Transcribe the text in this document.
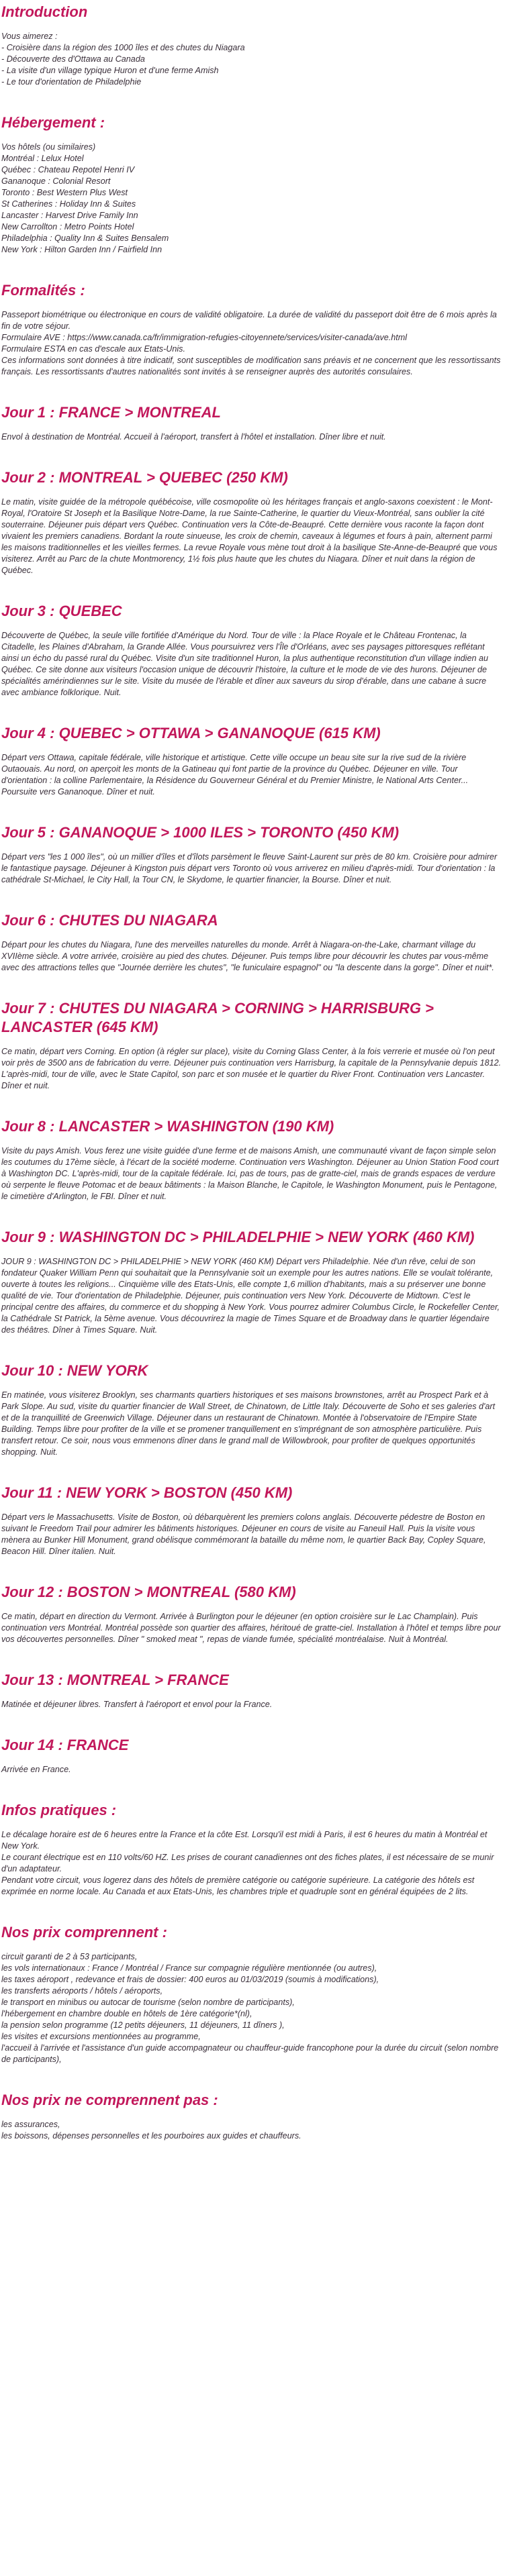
Introduction

Vous aimerez :

- Croisière dans la région des 1000 îles et des chutes du Niagara

- Découverte des d'Ottawa au Canada

- La visite d'un village typique Huron et d'une ferme Amish

- Le tour d'orientation de Philadelphie

Hébergement :

Vos hôtels (ou similaires)

Montréal : Lelux Hotel

Québec : Chateau Repotel Henri IV

Gananoque : Colonial Resort

Toronto : Best Western Plus West

St Catherines : Holiday Inn & Suites

Lancaster : Harvest Drive Family Inn

New Carrollton : Metro Points Hotel

Philadelphia : Quality Inn & Suites Bensalem

New York : Hilton Garden Inn / Fairfield Inn

Formalités :

Passeport biométrique ou électronique en cours de validité obligatoire. La durée de validité du passeport doit être de 6 mois après la fin de votre séjour.

Formulaire AVE : https://www.canada.ca/fr/immigration-refugies-citoyennete/services/visiter-canada/ave.html

Formulaire ESTA en cas d'escale aux Etats-Unis.

Ces informations sont données à titre indicatif, sont susceptibles de modification sans préavis et ne concernent que les ressortissants français. Les ressortissants d'autres nationalités sont invités à se renseigner auprès des autorités consulaires.

Jour 1 : FRANCE > MONTREAL

Envol à destination de Montréal. Accueil à l'aéroport, transfert à l'hôtel et installation. Dîner libre et nuit.

Jour 2 : MONTREAL > QUEBEC (250 KM)

Le matin, visite guidée de la métropole québécoise, ville cosmopolite où les héritages français et anglo-saxons coexistent : le Mont-Royal, l'Oratoire St Joseph et la Basilique Notre-Dame, la rue Sainte-Catherine, le quartier du Vieux-Montréal, sans oublier la cité souterraine. Déjeuner puis départ vers Québec. Continuation vers la Côte-de-Beaupré. Cette dernière vous raconte la façon dont vivaient les premiers canadiens. Bordant la route sinueuse, les croix de chemin, caveaux à légumes et fours à pain, alternent parmi les maisons traditionnelles et les vieilles fermes. La revue Royale vous mène tout droit à la basilique Ste-Anne-de-Beaupré que vous visiterez. Arrêt au Parc de la chute Montmorency, 1½ fois plus haute que les chutes du Niagara. Dîner et nuit dans la région de Québec.

Jour 3 : QUEBEC

Découverte de Québec, la seule ville fortifiée d'Amérique du Nord. Tour de ville : la Place Royale et le Château Frontenac, la Citadelle, les Plaines d'Abraham, la Grande Allée. Vous poursuivrez vers l'Île d'Orléans, avec ses paysages pittoresques reflétant ainsi un écho du passé rural du Québec. Visite d'un site traditionnel Huron, la plus authentique reconstitution d'un village indien au Québec. Ce site donne aux visiteurs l'occasion unique de découvrir l'histoire, la culture et le mode de vie des hurons. Déjeuner de spécialités amérindiennes sur le site. Visite du musée de l'érable et dîner aux saveurs du sirop d'érable, dans une cabane à sucre avec ambiance folklorique. Nuit.

Jour 4 : QUEBEC > OTTAWA > GANANOQUE (615 KM)

Départ vers Ottawa, capitale fédérale, ville historique et artistique. Cette ville occupe un beau site sur la rive sud de la rivière Outaouais. Au nord, on aperçoit les monts de la Gatineau qui font partie de la province du Québec. Déjeuner en ville. Tour d'orientation : la colline Parlementaire, la Résidence du Gouverneur Général et du Premier Ministre, le National Arts Center... Poursuite vers Gananoque. Dîner et nuit.

Jour 5 : GANANOQUE > 1000 ILES > TORONTO (450 KM)

Départ vers "les 1 000 îles", où un millier d'îles et d'îlots parsèment le fleuve Saint-Laurent sur près de 80 km. Croisière pour admirer le fantastique paysage. Déjeuner à Kingston puis départ vers Toronto où vous arriverez en milieu d'après-midi. Tour d'orientation : la cathédrale St-Michael, le City Hall, la Tour CN, le Skydome, le quartier financier, la Bourse. Dîner et nuit.

Jour 6 : CHUTES DU NIAGARA

Départ pour les chutes du Niagara, l'une des merveilles naturelles du monde. Arrêt à Niagara-on-the-Lake, charmant village du XVIIème siècle. A votre arrivée, croisière au pied des chutes. Déjeuner. Puis temps libre pour découvrir les chutes par vous-même avec des attractions telles que "Journée derrière les chutes", "le funiculaire espagnol" ou "la descente dans la gorge". Dîner et nuit*.

Jour 7 : CHUTES DU NIAGARA > CORNING > HARRISBURG > LANCASTER (645 KM)

Ce matin, départ vers Corning. En option (à régler sur place), visite du Corning Glass Center, à la fois verrerie et musée où l'on peut voir près de 3500 ans de fabrication du verre. Déjeuner puis continuation vers Harrisburg, la capitale de la Pennsylvanie depuis 1812. L'après-midi, tour de ville, avec le State Capitol, son parc et son musée et le quartier du River Front. Continuation vers Lancaster. Dîner et nuit.

Jour 8 : LANCASTER > WASHINGTON (190 KM)

Visite du pays Amish. Vous ferez une visite guidée d'une ferme et de maisons Amish, une communauté vivant de façon simple selon les coutumes du 17ème siècle, à l'écart de la société moderne. Continuation vers Washington. Déjeuner au Union Station Food court à Washington DC. L'après-midi, tour de la capitale fédérale. Ici, pas de tours, pas de gratte-ciel, mais de grands espaces de verdure où serpente le fleuve Potomac et de beaux bâtiments : la Maison Blanche, le Capitole, le Washington Monument, puis le Pentagone, le cimetière d'Arlington, le FBI. Dîner et nuit.

Jour 9 : WASHINGTON DC > PHILADELPHIE > NEW YORK (460 KM)

JOUR 9 : WASHINGTON DC > PHILADELPHIE > NEW YORK (460 KM) Départ vers Philadelphie. Née d'un rêve, celui de son fondateur Quaker William Penn qui souhaitait que la Pennsylvanie soit un exemple pour les autres nations. Elle se voulait tolérante, ouverte à toutes les religions... Cinquième ville des Etats-Unis, elle compte 1,6 million d'habitants, mais a su préserver une bonne qualité de vie. Tour d'orientation de Philadelphie. Déjeuner, puis continuation vers New York. Découverte de Midtown. C'est le principal centre des affaires, du commerce et du shopping à New York. Vous pourrez admirer Columbus Circle, le Rockefeller Center, la Cathédrale St Patrick, la 5ème avenue. Vous découvrirez la magie de Times Square et de Broadway dans le quartier légendaire des théâtres. Dîner à Times Square. Nuit.

Jour 10 : NEW YORK

En matinée, vous visiterez Brooklyn, ses charmants quartiers historiques et ses maisons brownstones, arrêt au Prospect Park et à Park Slope. Au sud, visite du quartier financier de Wall Street, de Chinatown, de Little Italy. Découverte de Soho et ses galeries d'art et de la tranquillité de Greenwich Village. Déjeuner dans un restaurant de Chinatown. Montée à l'observatoire de l'Empire State Building. Temps libre pour profiter de la ville et se promener tranquillement en s'imprégnant de son atmosphère particulière. Puis transfert retour. Ce soir, nous vous emmenons dîner dans le grand mall de Willowbrook, pour profiter de quelques opportunités shopping. Nuit.

Jour 11 : NEW YORK > BOSTON (450 KM)

Départ vers le Massachusetts. Visite de Boston, où débarquèrent les premiers colons anglais. Découverte pédestre de Boston en suivant le Freedom Trail pour admirer les bâtiments historiques. Déjeuner en cours de visite au Faneuil Hall. Puis la visite vous mènera au Bunker Hill Monument, grand obélisque commémorant la bataille du même nom, le quartier Back Bay, Copley Square, Beacon Hill. Dîner italien. Nuit.

Jour 12 : BOSTON > MONTREAL (580 KM)

Ce matin, départ en direction du Vermont. Arrivée à Burlington pour le déjeuner (en option croisière sur le Lac Champlain). Puis continuation vers Montréal. Montréal possède son quartier des affaires, héritoué de gratte-ciel. Installation à l'hôtel et temps libre pour vos découvertes personnelles. Dîner " smoked meat ", repas de viande fumée, spécialité montréalaise. Nuit à Montréal.

Jour 13 : MONTREAL > FRANCE

Matinée et déjeuner libres. Transfert à l'aéroport et envol pour la France.

Jour 14 : FRANCE

Arrivée en France.

Infos pratiques :

Le décalage horaire est de 6 heures entre la France et la côte Est. Lorsqu'il est midi à Paris, il est 6 heures du matin à Montréal et New York.

Le courant électrique est en 110 volts/60 HZ. Les prises de courant canadiennes ont des fiches plates, il est nécessaire de se munir d'un adaptateur.

Pendant votre circuit, vous logerez dans des hôtels de première catégorie ou catégorie supérieure. La catégorie des hôtels est exprimée en norme locale. Au Canada et aux Etats-Unis, les chambres triple et quadruple sont en général équipées de 2 lits.

Nos prix comprennent :

circuit garanti de 2 à 53 participants,

les vols internationaux : France / Montréal / France sur compagnie régulière mentionnée (ou autres),

les taxes aéroport , redevance et frais de dossier: 400 euros au 01/03/2019 (soumis à modifications),

les transferts aéroports / hôtels / aéroports,

le transport en minibus ou autocar de tourisme (selon nombre de participants),

l'hébergement en chambre double en hôtels de 1ère catégorie*(nl),

la pension selon programme (12 petits déjeuners, 11 déjeuners, 11 dîners ),

les visites et excursions mentionnées au programme,

l'accueil à l'arrivée et l'assistance d'un guide accompagnateur ou chauffeur-guide francophone pour la durée du circuit (selon nombre de participants),

Nos prix ne comprennent pas :

les assurances,

les boissons, dépenses personnelles et les pourboires aux guides et chauffeurs.
